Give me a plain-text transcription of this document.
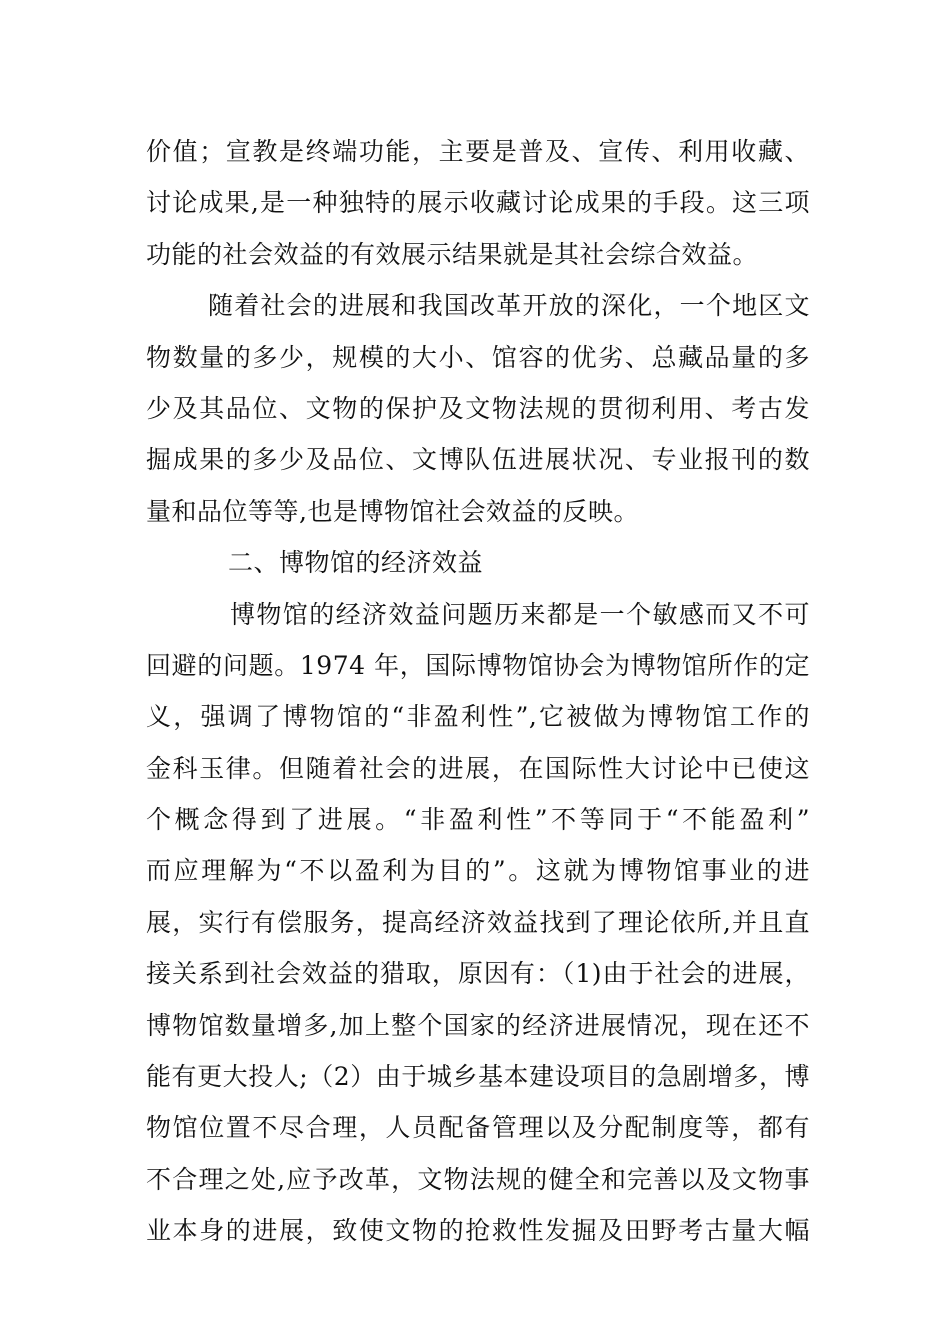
价值；宣教是终端功能，主要是普及、宣传、利用收藏、
讨论成果,是一种独特的展示收藏讨论成果的手段。这三项
功能的社会效益的有效展示结果就是其社会综合效益。
随着社会的进展和我国改革开放的深化，一个地区文
物数量的多少，规模的大小、馆容的优劣、总藏品量的多
少及其品位、文物的保护及文物法规的贯彻利用、考古发
掘成果的多少及品位、文博队伍进展状况、专业报刊的数
量和品位等等,也是博物馆社会效益的反映。
二、博物馆的经济效益
博物馆的经济效益问题历来都是一个敏感而又不可
回避的问题。1974 年，国际博物馆协会为博物馆所作的定
义，强调了博物馆的“非盈利性”,它被做为博物馆工作的
金科玉律。但随着社会的进展，在国际性大讨论中已使这
个概念得到了进展。“非盈利性”不等同于“不能盈利”
而应理解为“不以盈利为目的”。这就为博物馆事业的进
展，实行有偿服务，提高经济效益找到了理论依所,并且直
接关系到社会效益的猎取，原因有：（1)由于社会的进展，
博物馆数量增多,加上整个国家的经济进展情况，现在还不
能有更大投人;（2）由于城乡基本建设项目的急剧增多，博
物馆位置不尽合理，人员配备管理以及分配制度等，都有
不合理之处,应予改革，文物法规的健全和完善以及文物事
业本身的进展，致使文物的抢救性发掘及田野考古量大幅
